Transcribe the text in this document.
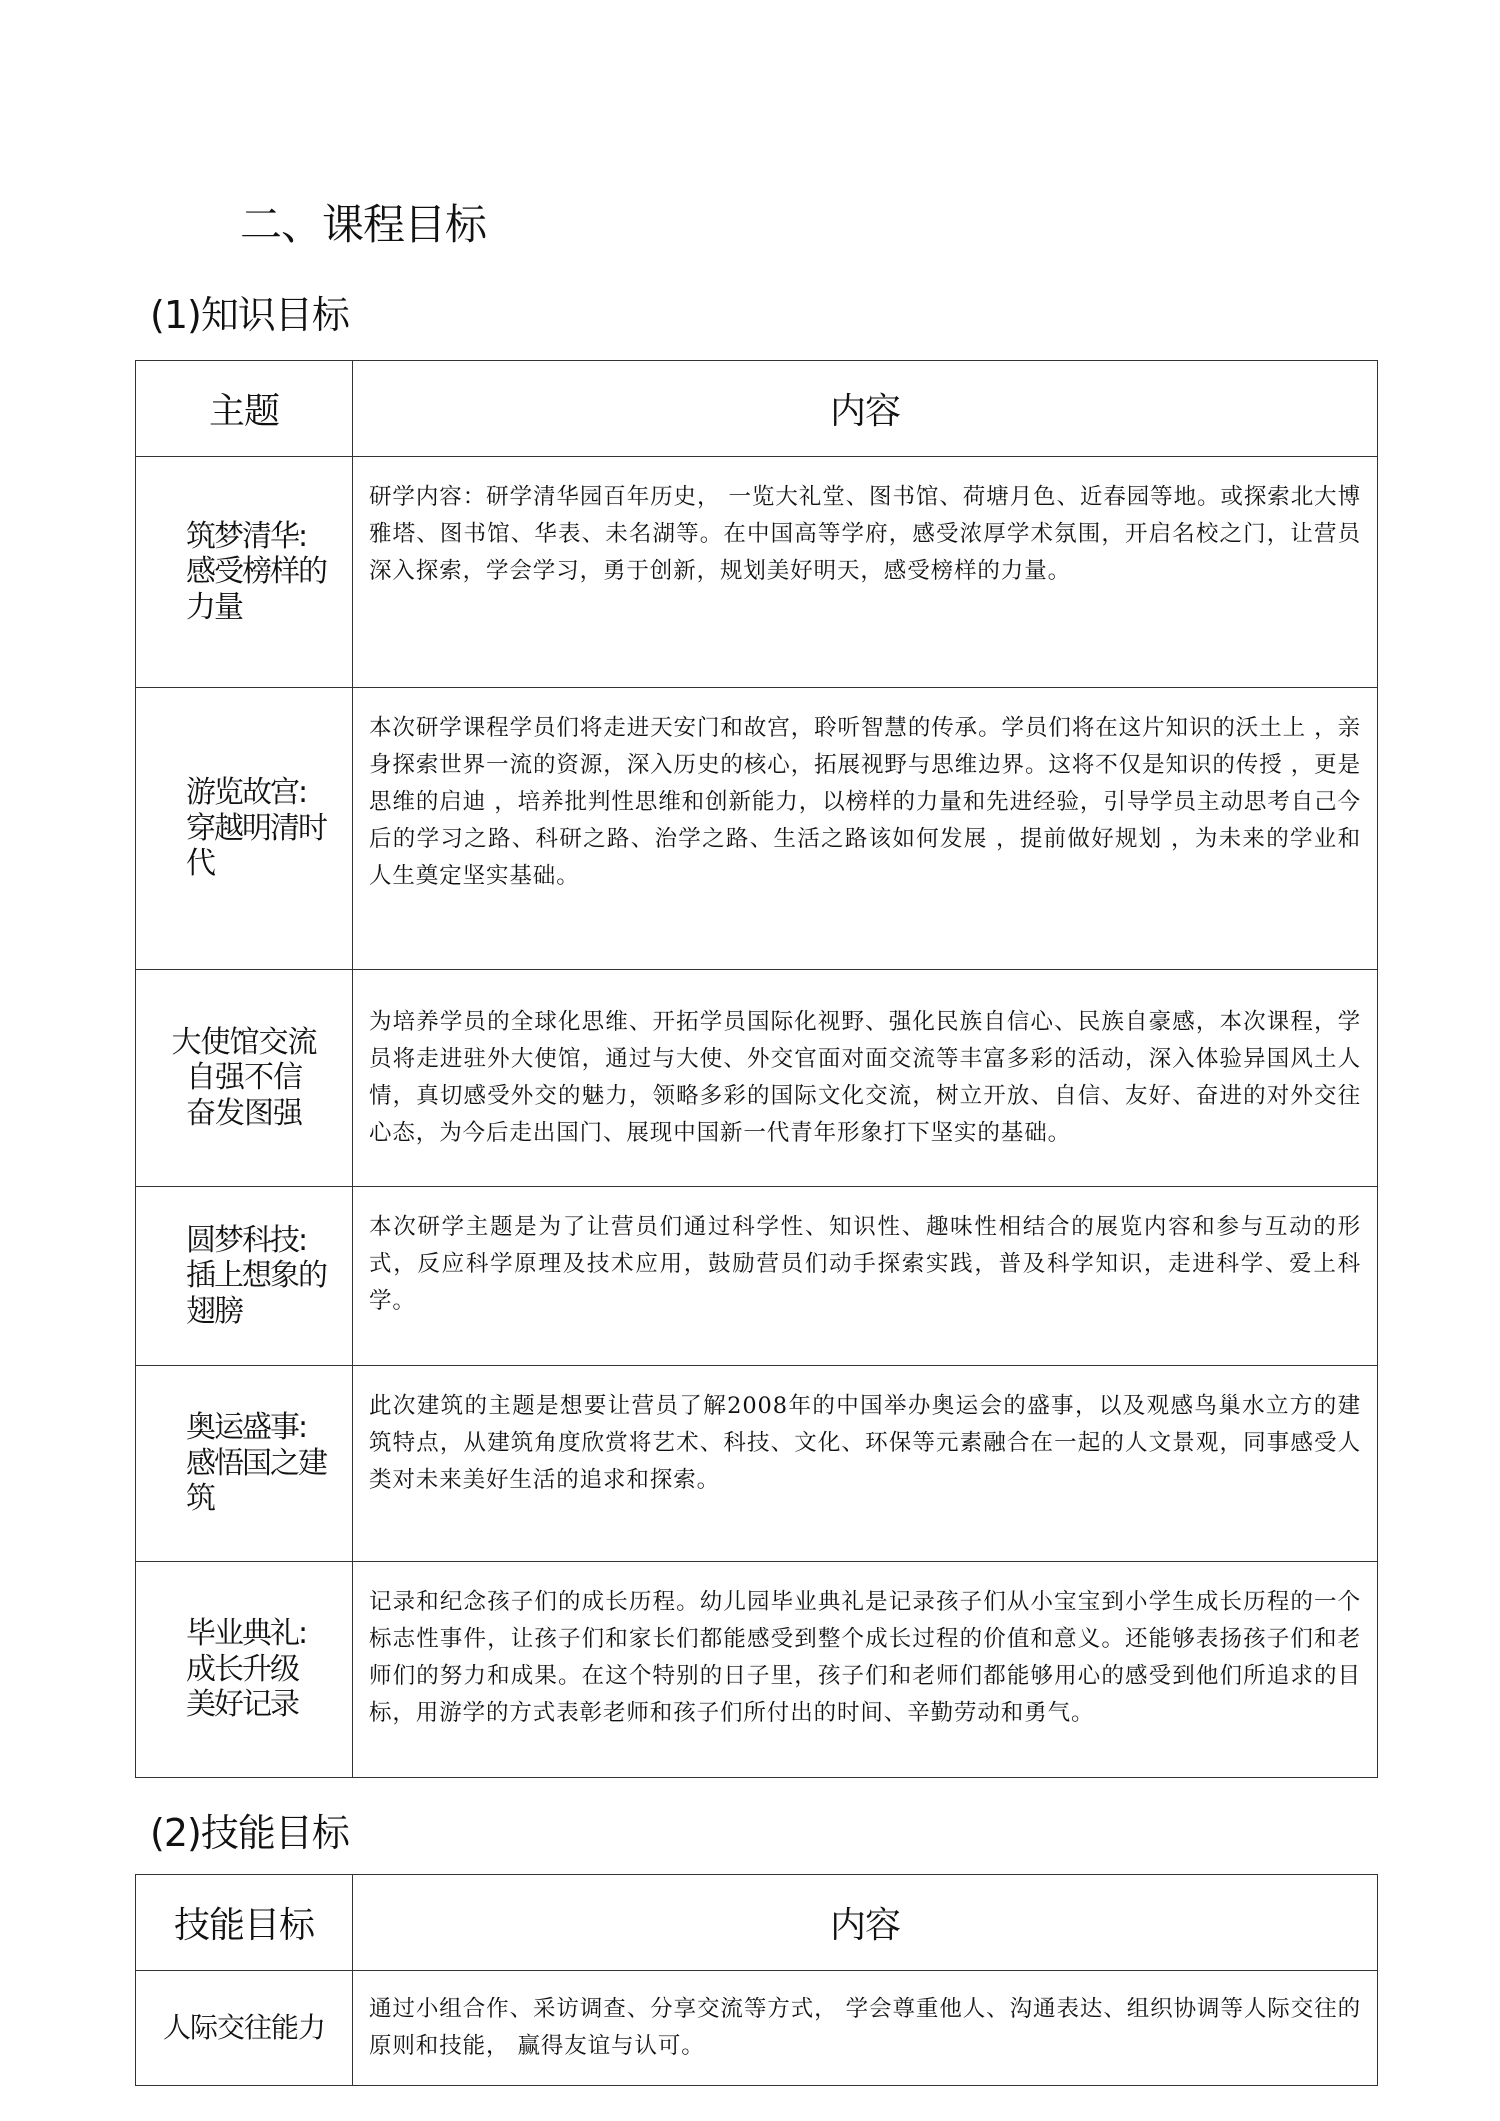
二、课程目标
(1)知识目标
主题	内容
筑梦清华:
感受榜样的力量	研学内容：研学清华园百年历史， 一览大礼堂、图书馆、荷塘月色、近春园等地。或探索北大博雅塔、图书馆、华表、未名湖等。在中国高等学府，感受浓厚学术氛围，开启名校之门，让营员深入探索，学会学习，勇于创新，规划美好明天，感受榜样的力量。
游览故宫:
穿越明清时代	本次研学课程学员们将走进天安门和故宫，聆听智慧的传承。学员们将在这片知识的沃土上 ，亲身探索世界一流的资源，深入历史的核心，拓展视野与思维边界。这将不仅是知识的传授 ，更是思维的启迪 ，培养批判性思维和创新能力，以榜样的力量和先进经验，引导学员主动思考自己今后的学习之路、科研之路、治学之路、生活之路该如何发展 ，提前做好规划 ，为未来的学业和人生奠定坚实基础。
大使馆交流
自强不信
奋发图强	为培养学员的全球化思维、开拓学员国际化视野、强化民族自信心、民族自豪感，本次课程，学员将走进驻外大使馆，通过与大使、外交官面对面交流等丰富多彩的活动，深入体验异国风土人情，真切感受外交的魅力，领略多彩的国际文化交流，树立开放、自信、友好、奋进的对外交往心态，为今后走出国门、展现中国新一代青年形象打下坚实的基础。
圆梦科技:
插上想象的翅膀	本次研学主题是为了让营员们通过科学性、知识性、趣味性相结合的展览内容和参与互动的形式，反应科学原理及技术应用，鼓励营员们动手探索实践，普及科学知识，走进科学、爱上科学。
奥运盛事:
感悟国之建筑	此次建筑的主题是想要让营员了解2008年的中国举办奥运会的盛事，以及观感鸟巢水立方的建筑特点，从建筑角度欣赏将艺术、科技、文化、环保等元素融合在一起的人文景观，同事感受人类对未来美好生活的追求和探索。
毕业典礼:
成长升级
美好记录	记录和纪念孩子们的成长历程。幼儿园毕业典礼是记录孩子们从小宝宝到小学生成长历程的一个标志性事件，让孩子们和家长们都能感受到整个成长过程的价值和意义。还能够表扬孩子们和老师们的努力和成果。在这个特别的日子里，孩子们和老师们都能够用心的感受到他们所追求的目标，用游学的方式表彰老师和孩子们所付出的时间、辛勤劳动和勇气。
(2)技能目标
技能目标	内容
人际交往能力	通过小组合作、采访调查、分享交流等方式， 学会尊重他人、沟通表达、组织协调等人际交往的原则和技能， 赢得友谊与认可。
